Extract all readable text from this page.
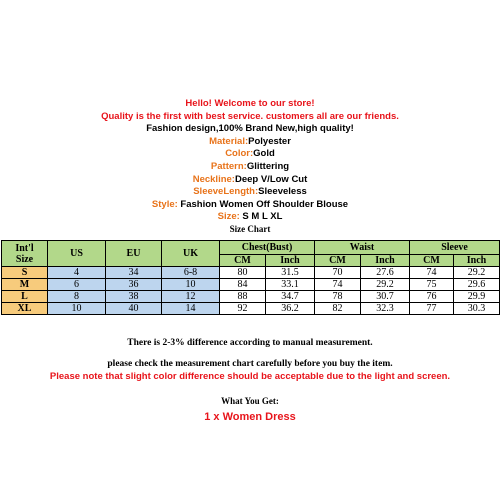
Hello! Welcome to our store!
Quality is the first with best service. customers all are our friends.
Fashion design,100% Brand New,high quality!
Material:Polyester
Color:Gold
Pattern:Glittering
Neckline:Deep V/Low Cut
SleeveLength:Sleeveless
Style: Fashion Women Off Shoulder Blouse
Size: S M L XL
Size Chart
Int'l
Size	US	EU	UK	Chest(Bust)		Waist		Sleeve	
				CM	Inch	CM	Inch	CM	Inch
S	4	34	6-8	80	31.5	70	27.6	74	29.2
M	6	36	10	84	33.1	74	29.2	75	29.6
L	8	38	12	88	34.7	78	30.7	76	29.9
XL	10	40	14	92	36.2	82	32.3	77	30.3
There is 2-3% difference according to manual measurement.
please check the measurement chart carefully before you buy the item.
Please note that slight color difference should be acceptable due to the light and screen.
What You Get:
1 x Women Dress
